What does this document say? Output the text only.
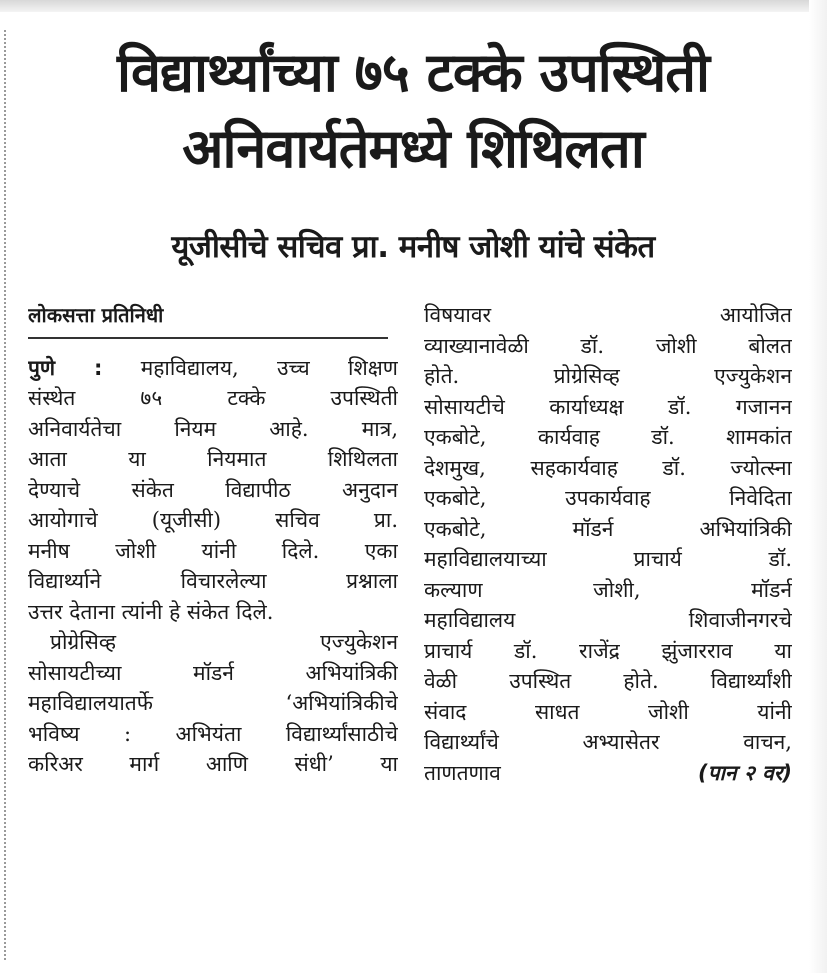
विद्यार्थ्यांच्या ७५ टक्के उपस्थिती
अनिवार्यतेमध्ये शिथिलता
यूजीसीचे सचिव प्रा. मनीष जोशी यांचे संकेत
लोकसत्ता प्रतिनिधी
पुणे : महाविद्यालय, उच्च शिक्षण
संस्थेत ७५ टक्के उपस्थिती
अनिवार्यतेचा नियम आहे. मात्र,
आता या नियमात शिथिलता
देण्याचे संकेत विद्यापीठ अनुदान
आयोगाचे (यूजीसी) सचिव प्रा.
मनीष जोशी यांनी दिले. एका
विद्यार्थ्याने विचारलेल्या प्रश्नाला
उत्तर देताना त्यांनी हे संकेत दिले.
प्रोग्रेसिव्ह एज्युकेशन
सोसायटीच्या मॉडर्न अभियांत्रिकी
महाविद्यालयातर्फे ‘अभियांत्रिकीचे
भविष्य : अभियंता विद्यार्थ्यांसाठीचे
करिअर मार्ग आणि संधी’ या
विषयावर आयोजित
व्याख्यानावेळी डॉ. जोशी बोलत
होते. प्रोग्रेसिव्ह एज्युकेशन
सोसायटीचे कार्याध्यक्ष डॉ. गजानन
एकबोटे, कार्यवाह डॉ. शामकांत
देशमुख, सहकार्यवाह डॉ. ज्योत्स्ना
एकबोटे, उपकार्यवाह निवेदिता
एकबोटे, मॉडर्न अभियांत्रिकी
महाविद्यालयाच्या प्राचार्य डॉ.
कल्याण जोशी, मॉडर्न
महाविद्यालय शिवाजीनगरचे
प्राचार्य डॉ. राजेंद्र झुंजारराव या
वेळी उपस्थित होते. विद्यार्थ्यांशी
संवाद साधत जोशी यांनी
विद्यार्थ्यांचे अभ्यासेतर वाचन,
ताणतणाव	(पान २ वर)
